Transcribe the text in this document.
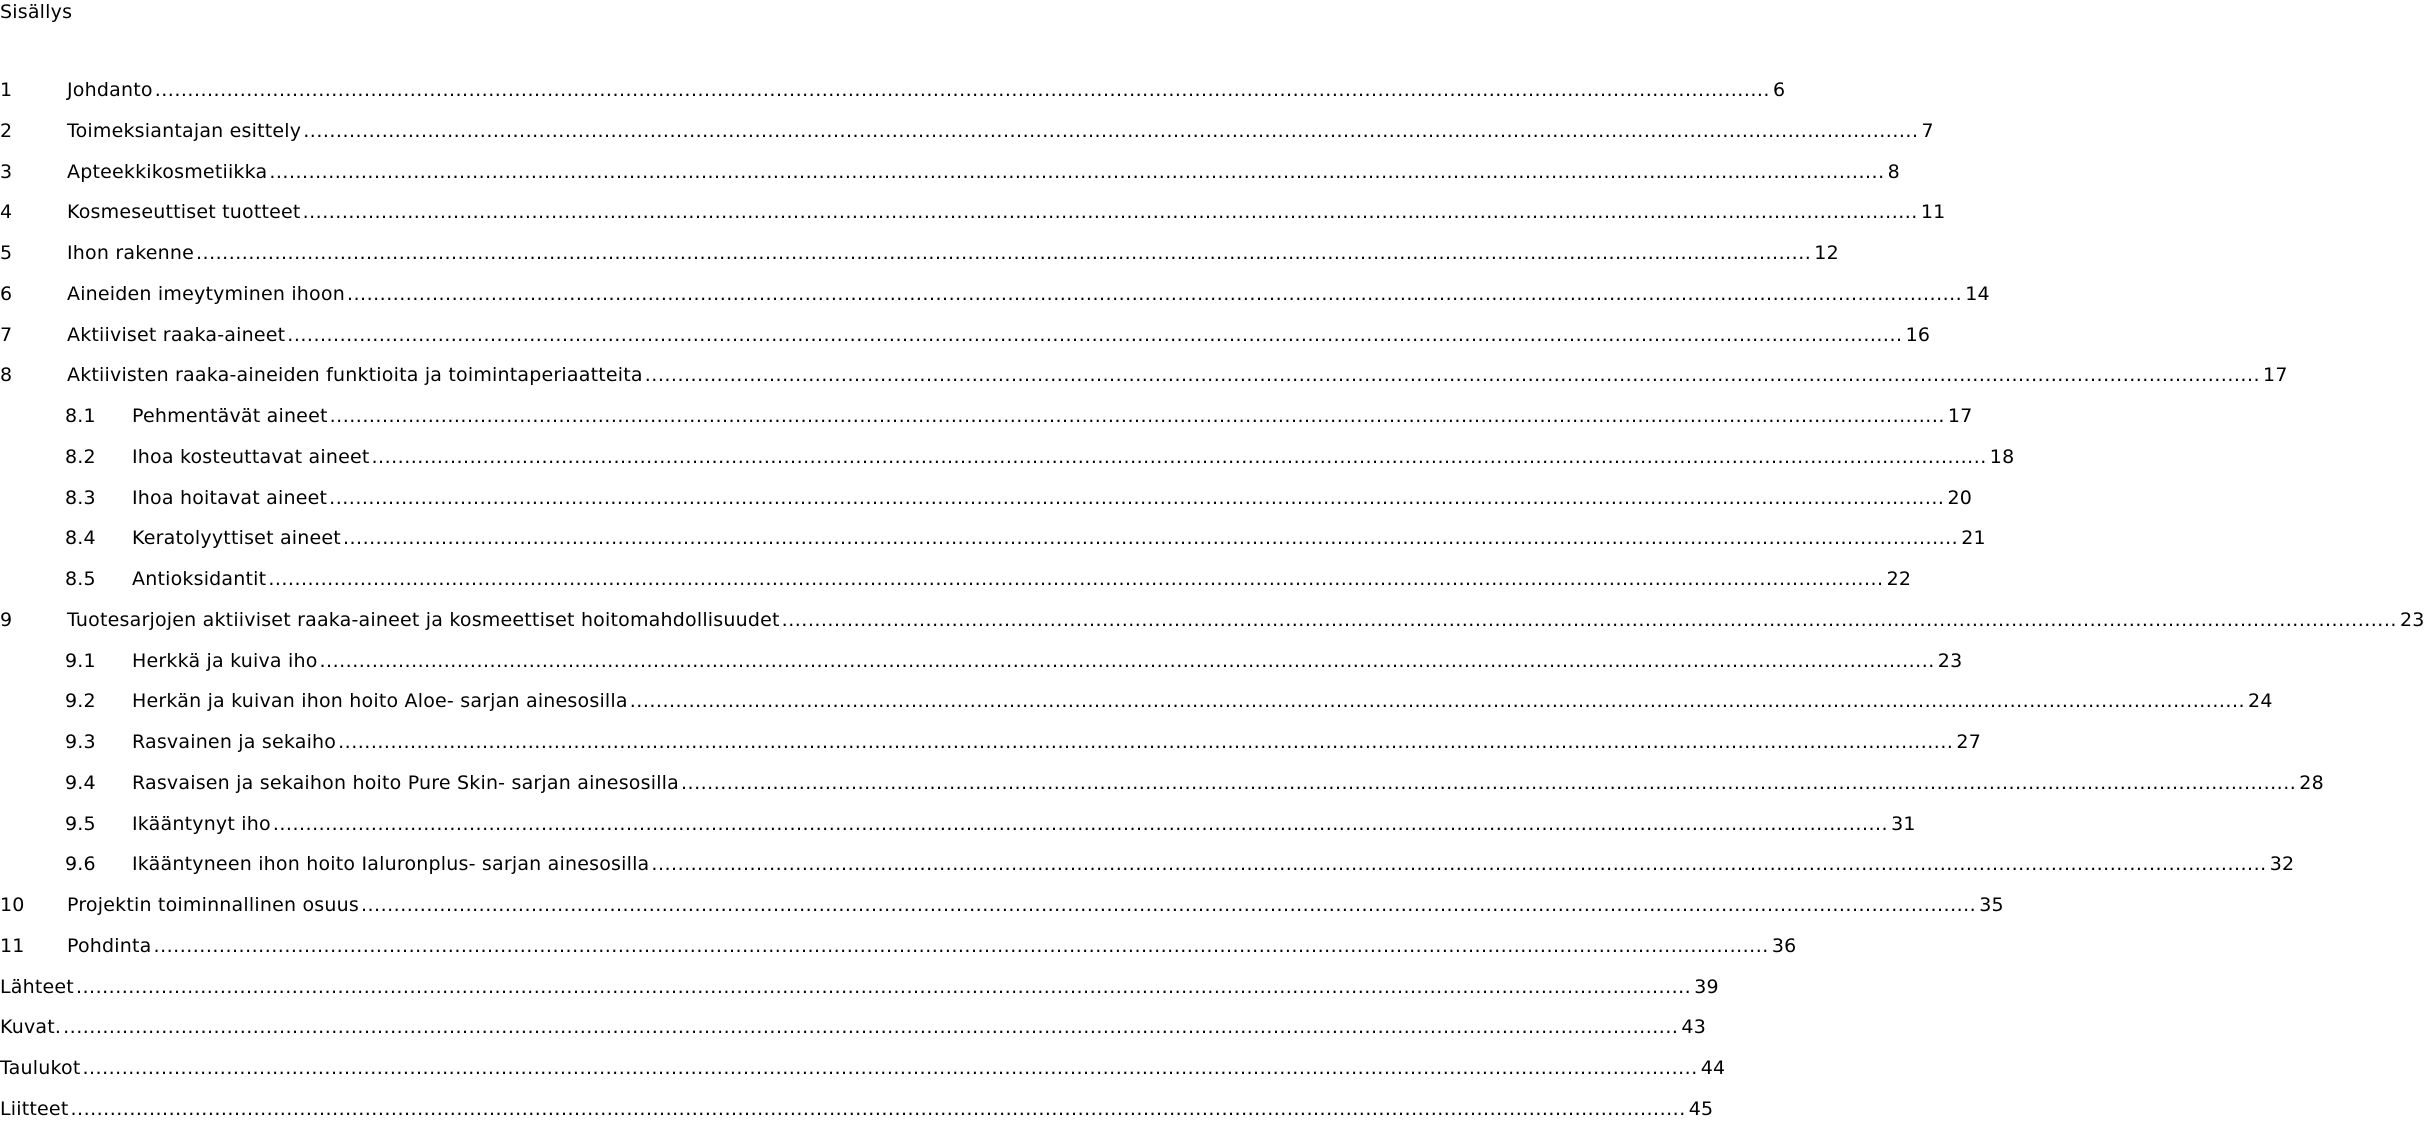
Sisällys
1	Johdanto ....................................................................................................................................................................................................................................................... 6
2	Toimeksiantajan esittely ....................................................................................................................................................................................................................................................... 7
3	Apteekkikosmetiikka ....................................................................................................................................................................................................................................................... 8
4	Kosmeseuttiset tuotteet ....................................................................................................................................................................................................................................................... 11
5	Ihon rakenne ....................................................................................................................................................................................................................................................... 12
6	Aineiden imeytyminen ihoon ....................................................................................................................................................................................................................................................... 14
7	Aktiiviset raaka-aineet ....................................................................................................................................................................................................................................................... 16
8	Aktiivisten raaka-aineiden funktioita ja toimintaperiaatteita ....................................................................................................................................................................................................................................................... 17
8.1 Pehmentävät aineet ....................................................................................................................................................................................................................................................... 17
8.2 Ihoa kosteuttavat aineet ....................................................................................................................................................................................................................................................... 18
8.3 Ihoa hoitavat aineet ....................................................................................................................................................................................................................................................... 20
8.4 Keratolyyttiset aineet ....................................................................................................................................................................................................................................................... 21
8.5 Antioksidantit ....................................................................................................................................................................................................................................................... 22
9	Tuotesarjojen aktiiviset raaka-aineet ja kosmeettiset hoitomahdollisuudet ....................................................................................................................................................................................................................................................... 23
9.1 Herkkä ja kuiva iho ....................................................................................................................................................................................................................................................... 23
9.2 Herkän ja kuivan ihon hoito Aloe- sarjan ainesosilla ....................................................................................................................................................................................................................................................... 24
9.3 Rasvainen ja sekaiho ....................................................................................................................................................................................................................................................... 27
9.4 Rasvaisen ja sekaihon hoito Pure Skin- sarjan ainesosilla ....................................................................................................................................................................................................................................................... 28
9.5 Ikääntynyt iho ....................................................................................................................................................................................................................................................... 31
9.6 Ikääntyneen ihon hoito Ialuronplus- sarjan ainesosilla ....................................................................................................................................................................................................................................................... 32
10 Projektin toiminnallinen osuus ....................................................................................................................................................................................................................................................... 35
11 Pohdinta ....................................................................................................................................................................................................................................................... 36
Lähteet ....................................................................................................................................................................................................................................................... 39
Kuvat. ....................................................................................................................................................................................................................................................... 43
Taulukot ....................................................................................................................................................................................................................................................... 44
Liitteet ....................................................................................................................................................................................................................................................... 45
